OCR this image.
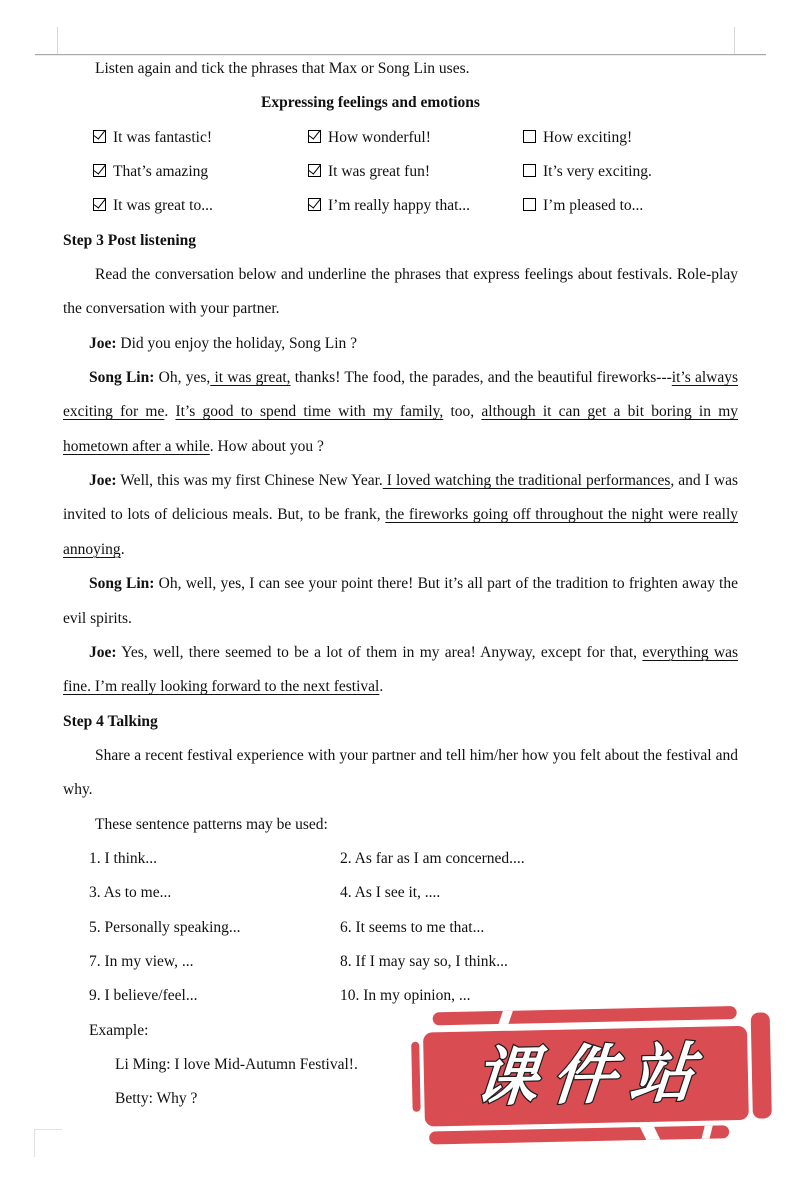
Listen again and tick the phrases that Max or Song Lin uses.

Expressing feelings and emotions

It was fantastic!	How wonderful!	How exciting!
That’s amazing	It was great fun!	It’s very exciting.
It was great to...	I’m really happy that...	I’m pleased to...

Step 3 Post listening

Read the conversation below and underline the phrases that express feelings about festivals. Role-play the conversation with your partner.

Joe: Did you enjoy the holiday, Song Lin ?

Song Lin: Oh, yes, it was great, thanks! The food, the parades, and the beautiful fireworks---it’s always exciting for me. It’s good to spend time with my family, too, although it can get a bit boring in my hometown after a while. How about you ?

Joe: Well, this was my first Chinese New Year. I loved watching the traditional performances, and I was invited to lots of delicious meals. But, to be frank, the fireworks going off throughout the night were really annoying.

Song Lin: Oh, well, yes, I can see your point there! But it’s all part of the tradition to frighten away the evil spirits.

Joe: Yes, well, there seemed to be a lot of them in my area! Anyway, except for that, everything was fine. I’m really looking forward to the next festival.

Step 4 Talking

Share a recent festival experience with your partner and tell him/her how you felt about the festival and why.

These sentence patterns may be used:

1. I think...	2. As far as I am concerned....
3. As to me...	4. As I see it, ....
5. Personally speaking...	6. It seems to me that...
7. In my view, ...	8. If I may say so, I think...
9. I believe/feel...	10. In my opinion, ...

Example:

Li Ming: I love Mid-Autumn Festival!.

Betty: Why ?	课件站
